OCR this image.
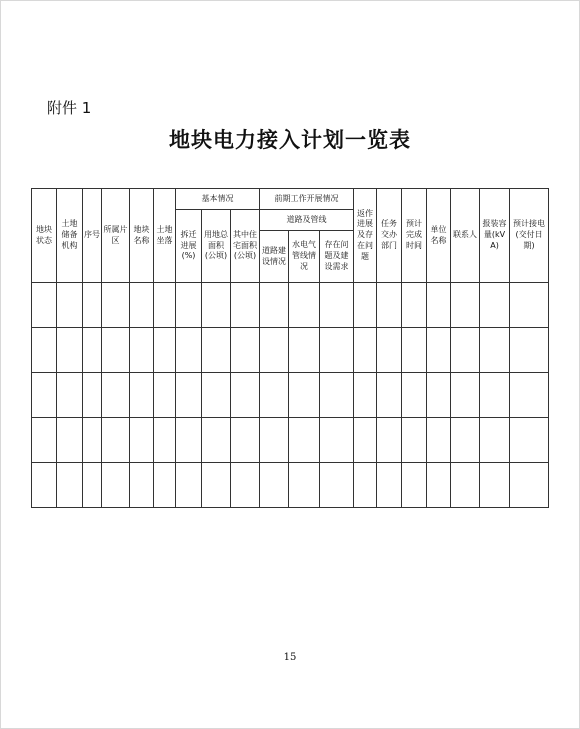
附件 1
地块电力接入计划一览表
地块状态	土地储备机构	序号	所属片区	地块名称	土地坐落	基本情况			前期工作开展情况			返作进展及存在问题	任务交办部门	预计完成时间	单位名称	联系人	报装容量(kVA)	预计接电(交付日期)
						拆迁进展(%)	用地总面积(公顷)	其中住宅面积(公顷)	道路及管线									
									道路建设情况	水电气管线情况	存在问题及建设需求							

15
